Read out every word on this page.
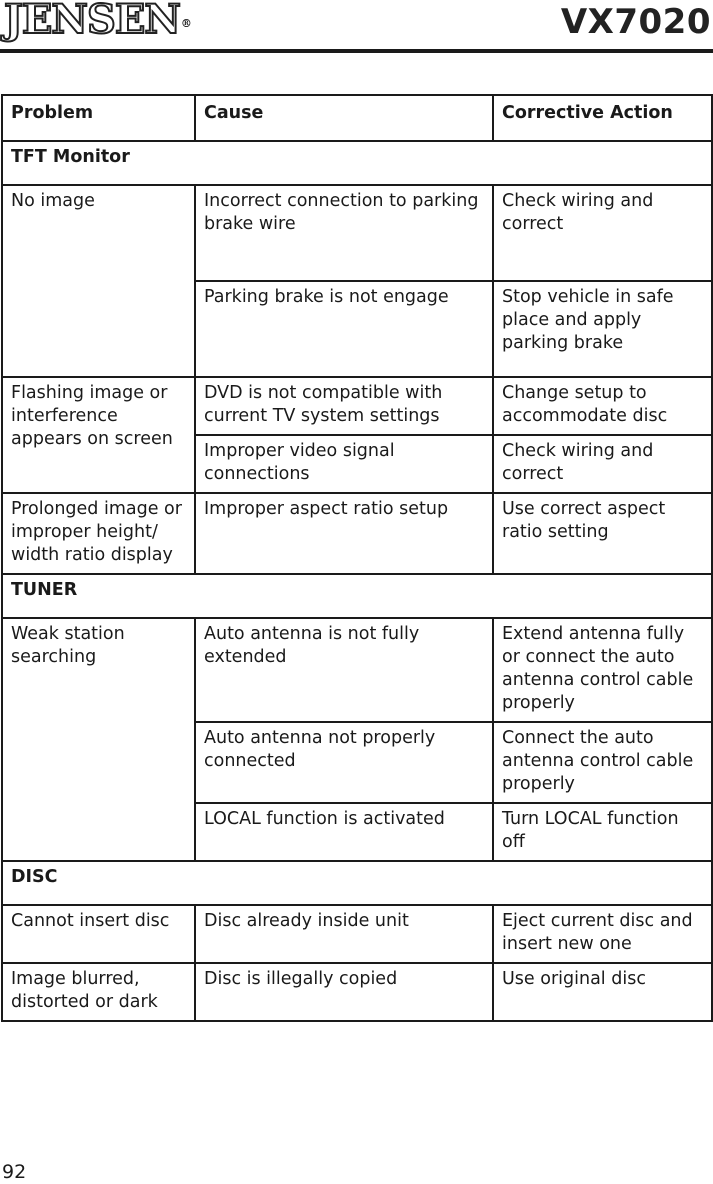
JENSEN®	VX7020
Problem	Cause	Corrective Action
TFT Monitor		
No image	Incorrect connection to parking brake wire	Check wiring and correct
	Parking brake is not engage	Stop vehicle in safe place and apply parking brake
Flashing image or interference appears on screen	DVD is not compatible with current TV system settings	Change setup to accommodate disc
	Improper video signal connections	Check wiring and correct
Prolonged image or improper height/ width ratio display	Improper aspect ratio setup	Use correct aspect ratio setting
TUNER		
Weak station searching	Auto antenna is not fully extended	Extend antenna fully or connect the auto antenna control cable properly
	Auto antenna not properly connected	Connect the auto antenna control cable properly
	LOCAL function is activated	Turn LOCAL function off
DISC		
Cannot insert disc	Disc already inside unit	Eject current disc and insert new one
Image blurred, distorted or dark	Disc is illegally copied	Use original disc
92
